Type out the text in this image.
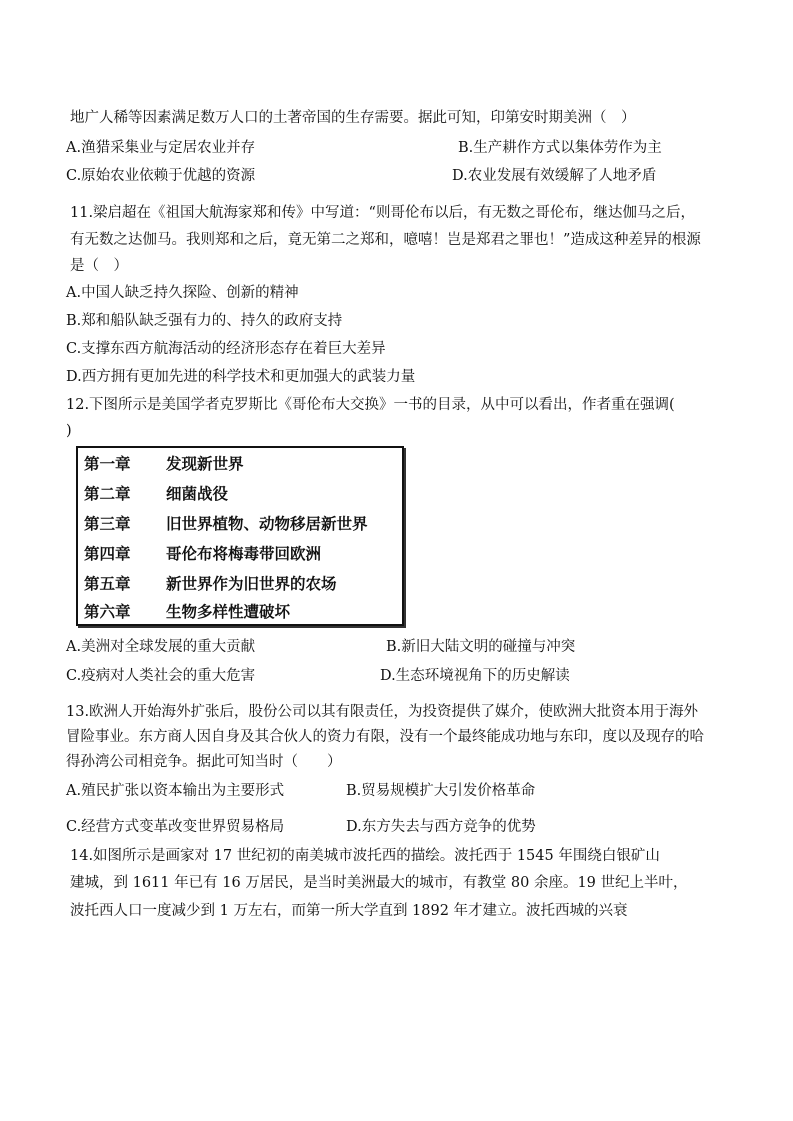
地广人稀等因素满足数万人口的土著帝国的生存需要。据此可知，印第安时期美洲（　）
A.渔猎采集业与定居农业并存	B.生产耕作方式以集体劳作为主
C.原始农业依赖于优越的资源	D.农业发展有效缓解了人地矛盾
11.梁启超在《祖国大航海家郑和传》中写道：“则哥伦布以后，有无数之哥伦布，继达伽马之后，
有无数之达伽马。我则郑和之后，竟无第二之郑和，噫嘻！岂是郑君之罪也！”造成这种差异的根源
是（　）
A.中国人缺乏持久探险、创新的精神
B.郑和船队缺乏强有力的、持久的政府支持
C.支撑东西方航海活动的经济形态存在着巨大差异
D.西方拥有更加先进的科学技术和更加强大的武装力量
12.下图所示是美国学者克罗斯比《哥伦布大交换》一书的目录，从中可以看出，作者重在强调(
)
第一章 发现新世界
第二章 细菌战役
第三章 旧世界植物、动物移居新世界
第四章 哥伦布将梅毒带回欧洲
第五章 新世界作为旧世界的农场
第六章 生物多样性遭破坏
A.美洲对全球发展的重大贡献	B.新旧大陆文明的碰撞与冲突
C.疫病对人类社会的重大危害	D.生态环境视角下的历史解读
13.欧洲人开始海外扩张后，股份公司以其有限责任，为投资提供了媒介，使欧洲大批资本用于海外
冒险事业。东方商人因自身及其合伙人的资力有限，没有一个最终能成功地与东印，度以及现存的哈
得孙湾公司相竞争。据此可知当时（　　）
A.殖民扩张以资本输出为主要形式	B.贸易规模扩大引发价格革命
C.经营方式变革改变世界贸易格局	D.东方失去与西方竞争的优势
14.如图所示是画家对 17 世纪初的南美城市波托西的描绘。波托西于 1545 年围绕白银矿山
建城，到 1611 年已有 16 万居民，是当时美洲最大的城市，有教堂 80 余座。19 世纪上半叶，
波托西人口一度减少到 1 万左右，而第一所大学直到 1892 年才建立。波托西城的兴衰
